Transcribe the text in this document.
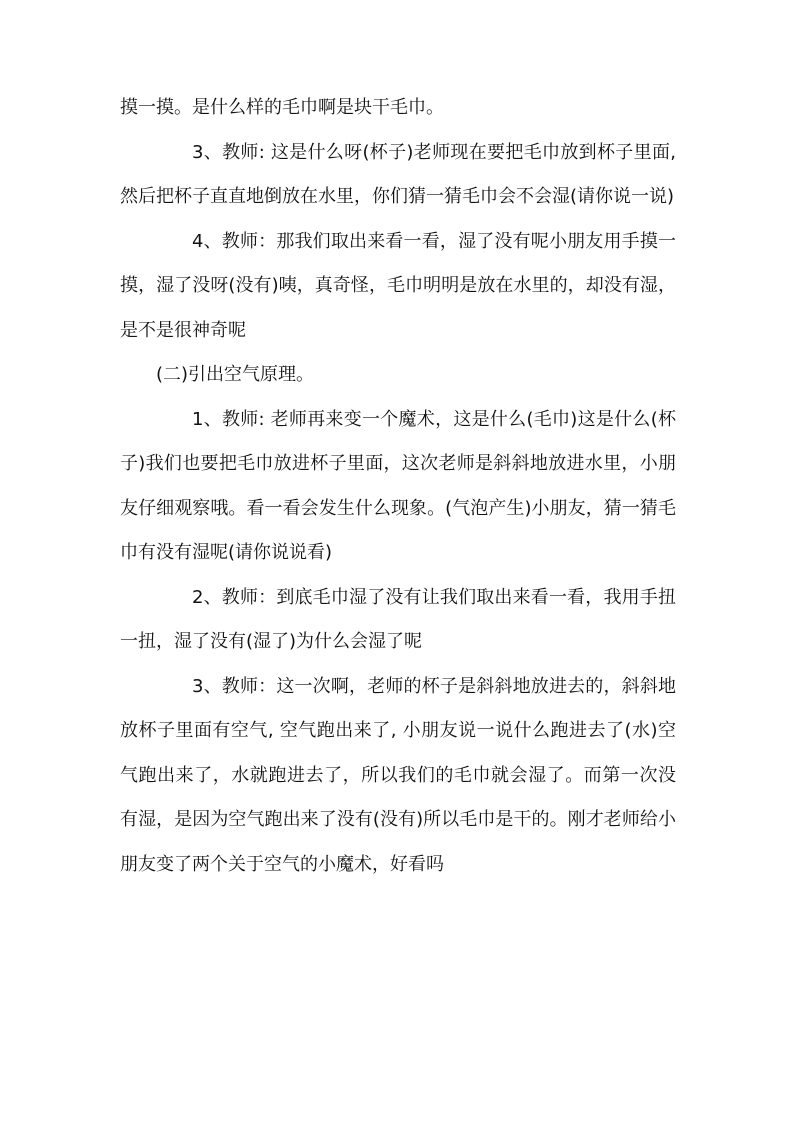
摸一摸。是什么样的毛巾啊是块干毛巾。

3、教师: 这是什么呀(杯子)老师现在要把毛巾放到杯子里面, 然后把杯子直直地倒放在水里，你们猜一猜毛巾会不会湿(请你说一说)

4、教师：那我们取出来看一看，湿了没有呢小朋友用手摸一摸，湿了没呀(没有)咦，真奇怪，毛巾明明是放在水里的，却没有湿，是不是很神奇呢

(二)引出空气原理。

1、教师: 老师再来变一个魔术，这是什么(毛巾)这是什么(杯子)我们也要把毛巾放进杯子里面，这次老师是斜斜地放进水里，小朋友仔细观察哦。看一看会发生什么现象。(气泡产生)小朋友，猜一猜毛巾有没有湿呢(请你说说看)

2、教师：到底毛巾湿了没有让我们取出来看一看，我用手扭一扭，湿了没有(湿了)为什么会湿了呢

3、教师：这一次啊，老师的杯子是斜斜地放进去的，斜斜地放杯子里面有空气, 空气跑出来了, 小朋友说一说什么跑进去了(水)空气跑出来了，水就跑进去了，所以我们的毛巾就会湿了。而第一次没有湿，是因为空气跑出来了没有(没有)所以毛巾是干的。刚才老师给小朋友变了两个关于空气的小魔术，好看吗
